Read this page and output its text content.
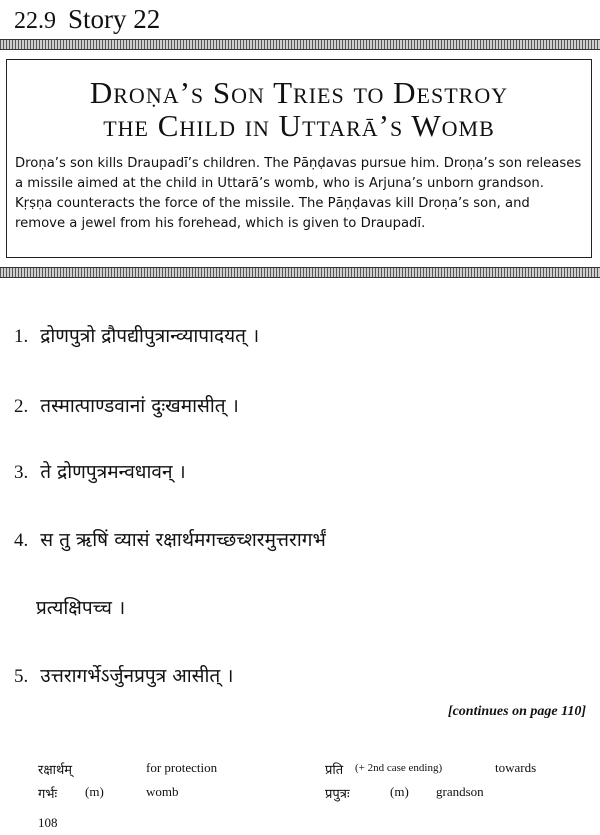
22.9 Story 22
Droṇa’s Son Tries to Destroy
the Child in Uttarā’s Womb
Droṇa’s son kills Draupadī’s children. The Pāṇḍavas pursue him. Droṇa’s son releases a missile aimed at the child in Uttarā’s womb, who is Arjuna’s unborn grandson. Kṛṣṇa counteracts the force of the missile. The Pāṇḍavas kill Droṇa’s son, and remove a jewel from his forehead, which is given to Draupadī.
1. द्रोणपुत्रो द्रौपद्यीपुत्रान्व्यापादयत् ।
2. तस्मात्पाण्डवानां दुःखमासीत् ।
3. ते द्रोणपुत्रमन्वधावन् ।
4. स तु ऋषिं व्यासं रक्षार्थमगच्छच्शरमुत्तरागर्भं
प्रत्यक्षिपच्च ।
5. उत्तरागर्भेऽर्जुनप्रपुत्र आसीत् ।
[continues on page 110]
रक्षार्थम्	for protection	प्रति (+ 2nd case ending)	towards
गर्भः (m)	womb	प्रपुत्रः	(m) grandson
108
